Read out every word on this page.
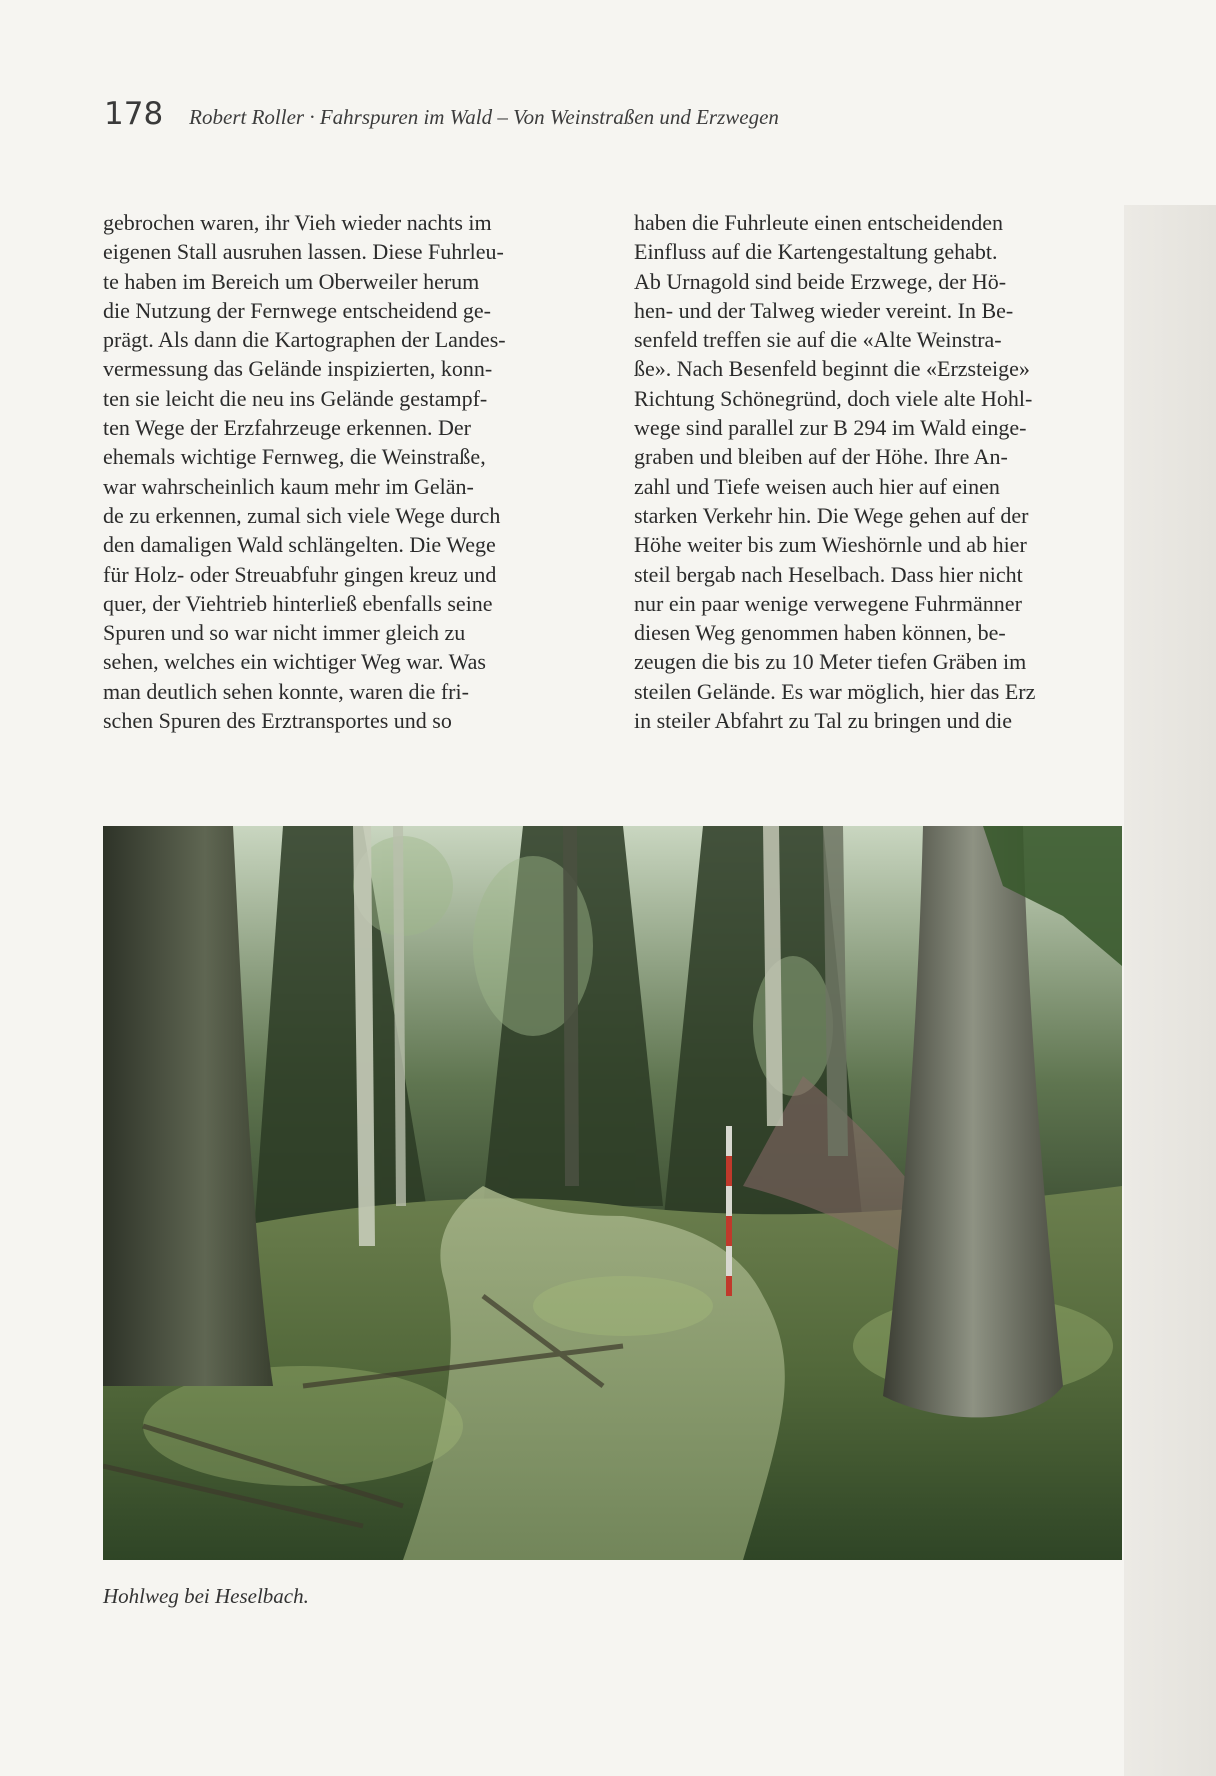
178 Robert Roller · Fahrspuren im Wald – Von Weinstraßen und Erzwegen
gebrochen waren, ihr Vieh wieder nachts im
eigenen Stall ausruhen lassen. Diese Fuhrleu-
te haben im Bereich um Oberweiler herum
die Nutzung der Fernwege entscheidend ge-
prägt. Als dann die Kartographen der Landes-
vermessung das Gelände inspizierten, konn-
ten sie leicht die neu ins Gelände gestampf-
ten Wege der Erzfahrzeuge erkennen. Der
ehemals wichtige Fernweg, die Weinstraße,
war wahrscheinlich kaum mehr im Gelän-
de zu erkennen, zumal sich viele Wege durch
den damaligen Wald schlängelten. Die Wege
für Holz- oder Streuabfuhr gingen kreuz und
quer, der Viehtrieb hinterließ ebenfalls seine
Spuren und so war nicht immer gleich zu
sehen, welches ein wichtiger Weg war. Was
man deutlich sehen konnte, waren die fri-
schen Spuren des Erztransportes und so
haben die Fuhrleute einen entscheidenden
Einfluss auf die Kartengestaltung gehabt.
Ab Urnagold sind beide Erzwege, der Hö-
hen- und der Talweg wieder vereint. In Be-
senfeld treffen sie auf die «Alte Weinstra-
ße». Nach Besenfeld beginnt die «Erzsteige»
Richtung Schönegründ, doch viele alte Hohl-
wege sind parallel zur B 294 im Wald einge-
graben und bleiben auf der Höhe. Ihre An-
zahl und Tiefe weisen auch hier auf einen
starken Verkehr hin. Die Wege gehen auf der
Höhe weiter bis zum Wieshörnle und ab hier
steil bergab nach Heselbach. Dass hier nicht
nur ein paar wenige verwegene Fuhrmänner
diesen Weg genommen haben können, be-
zeugen die bis zu 10 Meter tiefen Gräben im
steilen Gelände. Es war möglich, hier das Erz
in steiler Abfahrt zu Tal zu bringen und die
Hohlweg bei Heselbach.
